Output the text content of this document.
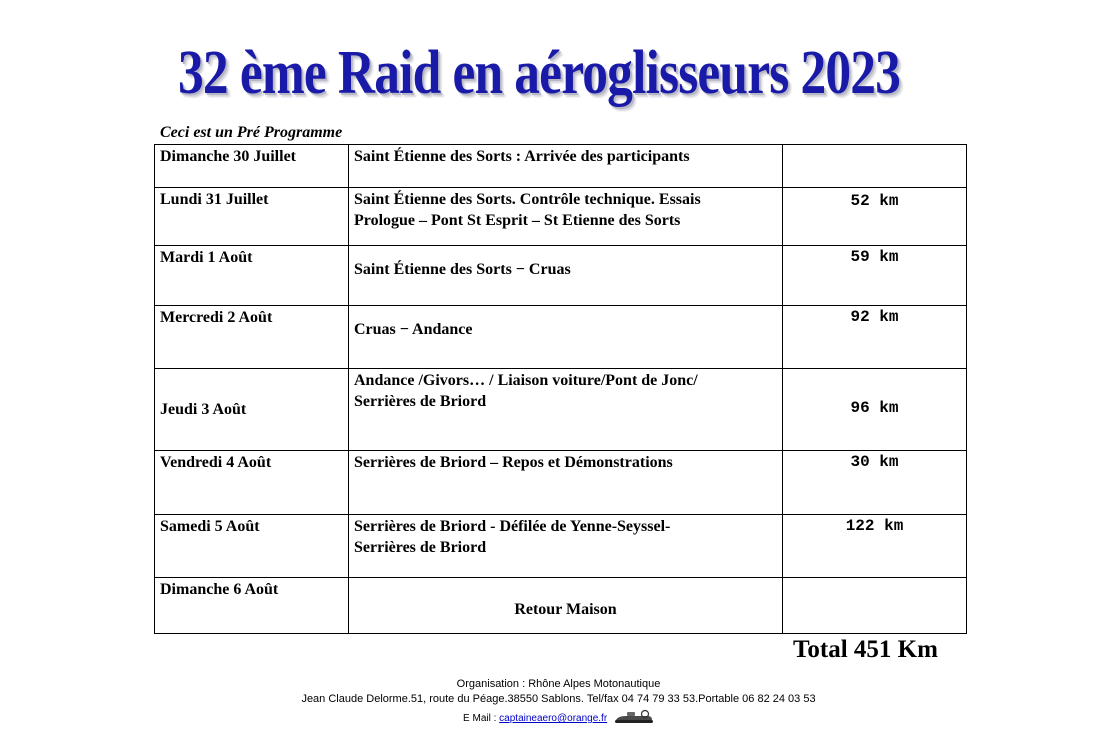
32 ème Raid en aéroglisseurs 2023
Ceci est un Pré Programme
Dimanche 30 Juillet	Saint Étienne des Sorts : Arrivée des participants	

Lundi 31 Juillet	Saint Étienne des Sorts. Contrôle technique. Essais
Prologue – Pont St Esprit – St Etienne des Sorts	52 km

Mardi 1 Août	Saint Étienne des Sorts − Cruas	59 km

Mercredi 2 Août	Cruas − Andance	92 km

Jeudi 3 Août	Andance /Givors… / Liaison voiture/Pont de Jonc/
Serrières de Briord	96 km

Vendredi 4 Août	Serrières de Briord – Repos et Démonstrations	30 km

Samedi 5 Août	Serrières de Briord - Défilée de Yenne-Seyssel-
Serrières de Briord	122 km

Dimanche 6 Août	Retour Maison	

Total 451 Km
Organisation : Rhône Alpes Motonautique
Jean Claude Delorme.51, route du Péage.38550 Sablons. Tel/fax 04 74 79 33 53.Portable 06 82 24 03 53
E Mail : captaineaero@orange.fr
